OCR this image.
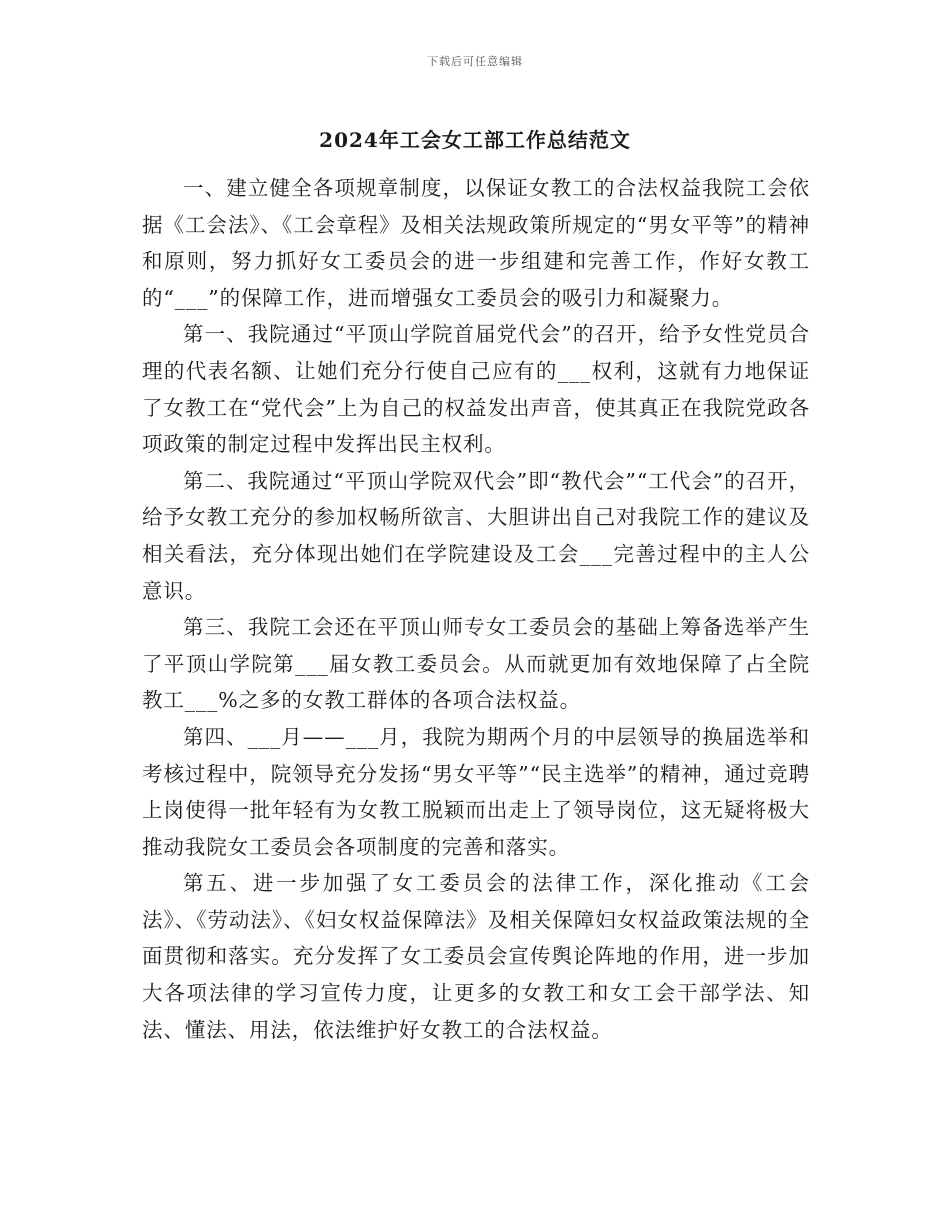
下载后可任意编辑
2024年工会女工部工作总结范文

一、建立健全各项规章制度，以保证女教工的合法权益我院工会依据《工会法》、《工会章程》及相关法规政策所规定的“男女平等”的精神和原则，努力抓好女工委员会的进一步组建和完善工作，作好女教工的“___”的保障工作，进而增强女工委员会的吸引力和凝聚力。

第一、我院通过“平顶山学院首届党代会”的召开，给予女性党员合理的代表名额、让她们充分行使自己应有的___权利，这就有力地保证了女教工在“党代会”上为自己的权益发出声音，使其真正在我院党政各项政策的制定过程中发挥出民主权利。

第二、我院通过“平顶山学院双代会”即“教代会”“工代会”的召开，给予女教工充分的参加权畅所欲言、大胆讲出自己对我院工作的建议及相关看法，充分体现出她们在学院建设及工会___完善过程中的主人公意识。

第三、我院工会还在平顶山师专女工委员会的基础上筹备选举产生了平顶山学院第___届女教工委员会。从而就更加有效地保障了占全院教工___%之多的女教工群体的各项合法权益。

第四、___月——___月，我院为期两个月的中层领导的换届选举和考核过程中，院领导充分发扬“男女平等”“民主选举”的精神，通过竞聘上岗使得一批年轻有为女教工脱颖而出走上了领导岗位，这无疑将极大推动我院女工委员会各项制度的完善和落实。

第五、进一步加强了女工委员会的法律工作，深化推动《工会法》、《劳动法》、《妇女权益保障法》及相关保障妇女权益政策法规的全面贯彻和落实。充分发挥了女工委员会宣传舆论阵地的作用，进一步加大各项法律的学习宣传力度，让更多的女教工和女工会干部学法、知法、懂法、用法，依法维护好女教工的合法权益。
